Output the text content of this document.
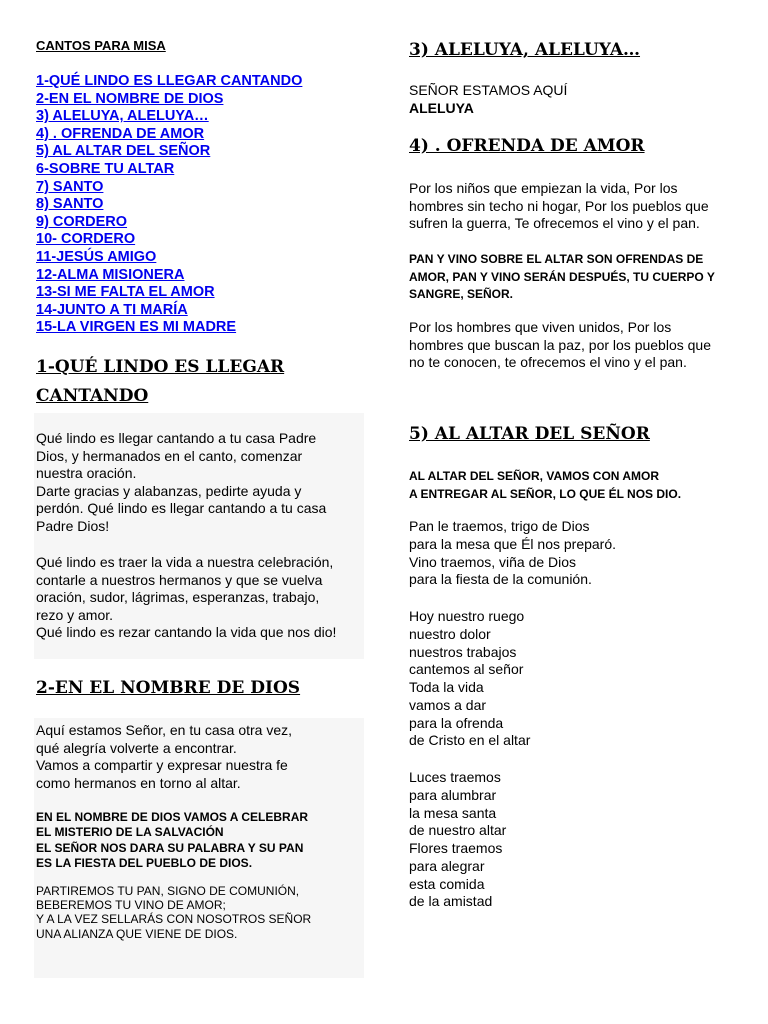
CANTOS PARA MISA
1-QUÉ LINDO ES LLEGAR CANTANDO
2-EN EL NOMBRE DE DIOS
3) ALELUYA, ALELUYA…
4) . OFRENDA DE AMOR
5) AL ALTAR DEL SEÑOR
6-SOBRE TU ALTAR
7) SANTO
8) SANTO
9) CORDERO
10- CORDERO
11-JESÚS AMIGO
12-ALMA MISIONERA
13-SI ME FALTA EL AMOR
14-JUNTO A TI MARÍA
15-LA VIRGEN ES MI MADRE
1-QUÉ LINDO ES LLEGAR
CANTANDO

Qué lindo es llegar cantando a tu casa Padre

Dios, y hermanados en el canto, comenzar

nuestra oración.

Darte gracias y alabanzas, pedirte ayuda y

perdón. Qué lindo es llegar cantando a tu casa

Padre Dios!

Qué lindo es traer la vida a nuestra celebración,

contarle a nuestros hermanos y que se vuelva

oración, sudor, lágrimas, esperanzas, trabajo,

rezo y amor.

Qué lindo es rezar cantando la vida que nos dio!

2-EN EL NOMBRE DE DIOS

Aquí estamos Señor, en tu casa otra vez,

qué alegría volverte a encontrar.

Vamos a compartir y expresar nuestra fe

como hermanos en torno al altar.

EN EL NOMBRE DE DIOS VAMOS A CELEBRAR

EL MISTERIO DE LA SALVACIÓN

EL SEÑOR NOS DARA SU PALABRA Y SU PAN

ES LA FIESTA DEL PUEBLO DE DIOS.

PARTIREMOS TU PAN, SIGNO DE COMUNIÓN,

BEBEREMOS TU VINO DE AMOR;

Y A LA VEZ SELLARÁS CON NOSOTROS SEÑOR

UNA ALIANZA QUE VIENE DE DIOS.

3) ALELUYA, ALELUYA…

SEÑOR ESTAMOS AQUÍ

ALELUYA

4) . OFRENDA DE AMOR

Por los niños que empiezan la vida, Por los

hombres sin techo ni hogar, Por los pueblos que

sufren la guerra, Te ofrecemos el vino y el pan.

PAN Y VINO SOBRE EL ALTAR SON OFRENDAS DE

AMOR, PAN Y VINO SERÁN DESPUÉS, TU CUERPO Y

SANGRE, SEÑOR.

Por los hombres que viven unidos, Por los

hombres que buscan la paz, por los pueblos que

no te conocen, te ofrecemos el vino y el pan.

5) AL ALTAR DEL SEÑOR

AL ALTAR DEL SEÑOR, VAMOS CON AMOR

A ENTREGAR AL SEÑOR, LO QUE ÉL NOS DIO.

Pan le traemos, trigo de Dios
para la mesa que Él nos preparó.
Vino traemos, viña de Dios
para la fiesta de la comunión.
Hoy nuestro ruego
nuestro dolor
nuestros trabajos
cantemos al señor
Toda la vida
vamos a dar
para la ofrenda
de Cristo en el altar
Luces traemos
para alumbrar
la mesa santa
de nuestro altar
Flores traemos
para alegrar
esta comida
de la amistad
